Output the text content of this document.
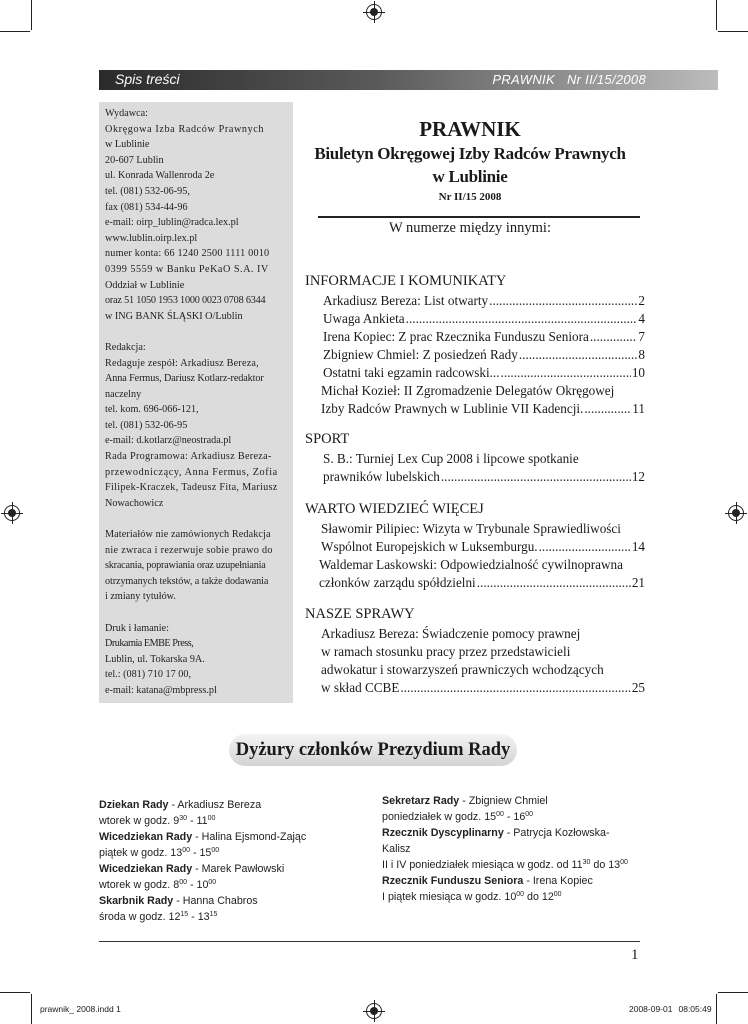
Spis treści	PRAWNIK Nr II/15/2008

Wydawca:

Okręgowa Izba Radców Prawnych

w Lublinie

20-607 Lublin

ul. Konrada Wallenroda 2e

tel. (081) 532-06-95,

fax (081) 534-44-96

e-mail: oirp_lublin@radca.lex.pl

www.lublin.oirp.lex.pl

numer konta: 66 1240 2500 1111 0010

0399 5559 w Banku PeKaO S.A. IV

Oddział w Lublinie

oraz 51 1050 1953 1000 0023 0708 6344

w ING BANK ŚLĄSKI O/Lublin

Redakcja:

Redaguje zespół: Arkadiusz Bereza,

Anna Fermus, Dariusz Kotlarz-redaktor

naczelny

tel. kom. 696-066-121,

tel. (081) 532-06-95

e-mail: d.kotlarz@neostrada.pl

Rada Programowa: Arkadiusz Bereza-

przewodniczący, Anna Fermus, Zofia

Filipek-Kraczek, Tadeusz Fita, Mariusz

Nowachowicz

Materiałów nie zamówionych Redakcja

nie zwraca i rezerwuje sobie prawo do

skracania, poprawiania oraz uzupełniania

otrzymanych tekstów, a także dodawania

i zmiany tytułów.

Druk i łamanie:

Drukarnia EMBE Press,

Lublin, ul. Tokarska 9A.

tel.: (081) 710 17 00,

e-mail: katana@mbpress.pl

PRAWNIK
Biuletyn Okręgowej Izby Radców Prawnych
w Lublinie
Nr II/15 2008
W numerze między innymi:
INFORMACJE I KOMUNIKATY
Arkadiusz Bereza: List otwarty .....	2
Uwaga Ankieta .....	4
Irena Kopiec: Z prac Rzecznika Funduszu Seniora .....	7
Zbigniew Chmiel: Z posiedzeń Rady .....	8
Ostatni taki egzamin radcowski... .....	10
Michał Kozieł: II Zgromadzenie Delegatów Okręgowej
Izby Radców Prawnych w Lublinie VII Kadencji. .....	11
SPORT
S. B.: Turniej Lex Cup 2008 i lipcowe spotkanie
prawników lubelskich .....	12
WARTO WIEDZIEĆ WIĘCEJ
Sławomir Pilipiec: Wizyta w Trybunale Sprawiedliwości
Wspólnot Europejskich w Luksemburgu. .....	14
Waldemar Laskowski: Odpowiedzialność cywilnoprawna
członków zarządu spółdzielni .....	21
NASZE SPRAWY
Arkadiusz Bereza: Świadczenie pomocy prawnej
w ramach stosunku pracy przez przedstawicieli
adwokatur i stowarzyszeń prawniczych wchodzących
w skład CCBE .....	25
Dyżury członków Prezydium Rady
Dziekan Rady - Arkadiusz Bereza
wtorek w godz. $9^{30} - 11^{00}$
Wicedziekan Rady - Halina Ejsmond-Zając
piątek w godz. $13^{00} - 15^{00}$
Wicedziekan Rady - Marek Pawłowski
wtorek w godz. $8^{00} - 10^{00}$
Skarbnik Rady - Hanna Chabros
środa w godz. $12^{15} - 13^{15}$
Sekretarz Rady - Zbigniew Chmiel
poniedziałek w godz. $15^{00} - 16^{00}$
Rzecznik Dyscyplinarny - Patrycja Kozłowska-
Kalisz
II i IV poniedziałek miesiąca w godz. od $11^{30}$ do $13^{00}$
Rzecznik Funduszu Seniora - Irena Kopiec
I piątek miesiąca w godz. $10^{00}$ do $12^{00}$
1
prawnik_ 2008.indd 1	2008-09-01 08:05:49
